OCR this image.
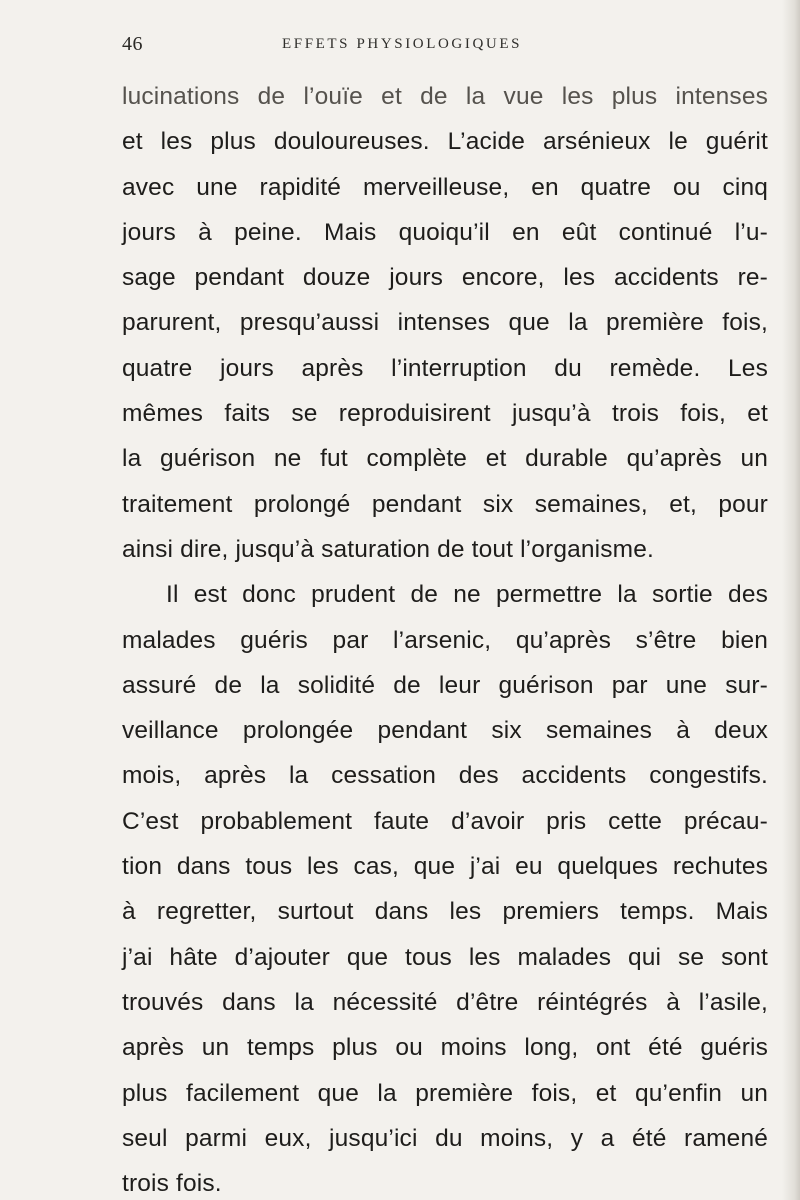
46	EFFETS PHYSIOLOGIQUES
lucinations de l’ouïe et de la vue les plus intenses
et les plus douloureuses. L’acide arsénieux le guérit
avec une rapidité merveilleuse, en quatre ou cinq
jours à peine. Mais quoiqu’il en eût continué l’u-
sage pendant douze jours encore, les accidents re-
parurent, presqu’aussi intenses que la première fois,
quatre jours après l’interruption du remède. Les
mêmes faits se reproduisirent jusqu’à trois fois, et
la guérison ne fut complète et durable qu’après un
traitement prolongé pendant six semaines, et, pour
ainsi dire, jusqu’à saturation de tout l’organisme.
Il est donc prudent de ne permettre la sortie des
malades guéris par l’arsenic, qu’après s’être bien
assuré de la solidité de leur guérison par une sur-
veillance prolongée pendant six semaines à deux
mois, après la cessation des accidents congestifs.
C’est probablement faute d’avoir pris cette précau-
tion dans tous les cas, que j’ai eu quelques rechutes
à regretter, surtout dans les premiers temps. Mais
j’ai hâte d’ajouter que tous les malades qui se sont
trouvés dans la nécessité d’être réintégrés à l’asile,
après un temps plus ou moins long, ont été guéris
plus facilement que la première fois, et qu’enfin un
seul parmi eux, jusqu’ici du moins, y a été ramené
trois fois.
